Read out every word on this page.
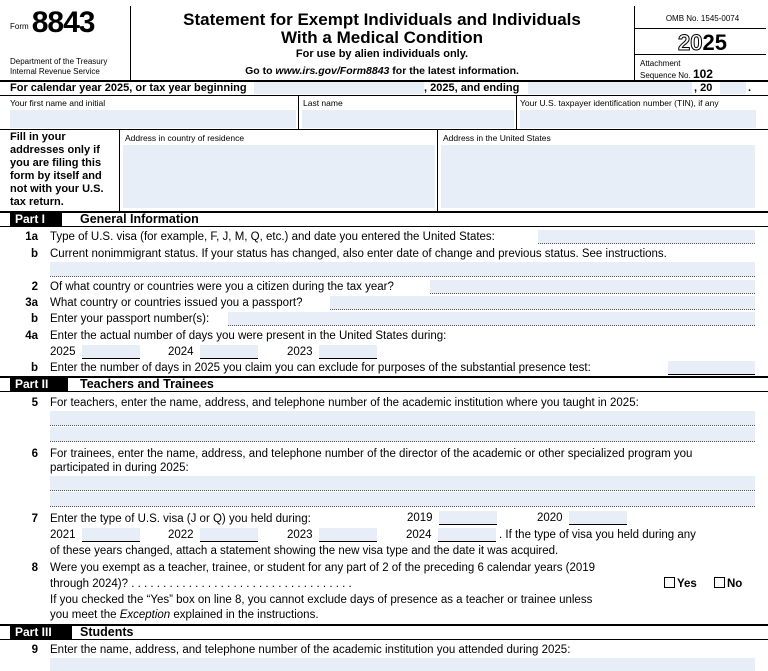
$^{Form}$ 8843
Department of the Treasury
Internal Revenue Service
Statement for Exempt Individuals and Individuals
With a Medical Condition
For use by alien individuals only.
Go to www.irs.gov/Form8843 for the latest information.
OMB No. 1545-0074
2025
Attachment
Sequence No. 102
For calendar year 2025, or tax year beginning	, 2025, and ending	, 20	.
Your first name and initial	Last name	Your U.S. taxpayer identification number (TIN), if any
Fill in your
addresses only if
you are filing this
form by itself and
not with your U.S.
tax return.
Address in country of residence	Address in the United States
Part I	General Information
1a Type of U.S. visa (for example, F, J, M, Q, etc.) and date you entered the United States:
b Current nonimmigrant status. If your status has changed, also enter date of change and previous status. See instructions.
2 Of what country or countries were you a citizen during the tax year?
3a What country or countries issued you a passport?
b Enter your passport number(s):
4a Enter the actual number of days you were present in the United States during:
2025	2024	2023
b Enter the number of days in 2025 you claim you can exclude for purposes of the substantial presence test:
Part II	Teachers and Trainees
5 For teachers, enter the name, address, and telephone number of the academic institution where you taught in 2025:
6 For trainees, enter the name, address, and telephone number of the director of the academic or other specialized program you
participated in during 2025:
7 Enter the type of U.S. visa (J or Q) you held during:	2019	2020
2021	2022	2023	2024	. If the type of visa you held during any
of these years changed, attach a statement showing the new visa type and the date it was acquired.
8 Were you exempt as a teacher, trainee, or student for any part of 2 of the preceding 6 calendar years (2019
through 2024)? . . . . . . . . . . . . . . . . . . . . . . . . . . . . . . . . . . .	Yes	No
If you checked the “Yes” box on line 8, you cannot exclude days of presence as a teacher or trainee unless
you meet the Exception explained in the instructions.
Part III	Students
9 Enter the name, address, and telephone number of the academic institution you attended during 2025:
